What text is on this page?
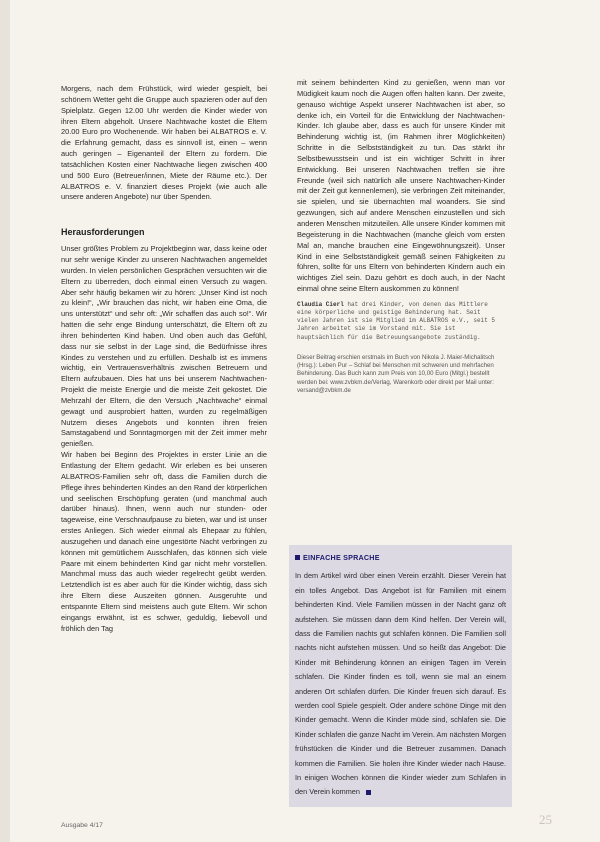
Morgens, nach dem Frühstück, wird wieder gespielt, bei schönem Wetter geht die Gruppe auch spazieren oder auf den Spielplatz. Gegen 12.00 Uhr werden die Kinder wieder von ihren Eltern abgeholt. Unsere Nachtwache kostet die Eltern 20.00 Euro pro Wochenende. Wir haben bei ALBATROS e. V. die Erfahrung gemacht, dass es sinnvoll ist, einen – wenn auch geringen – Eigenanteil der Eltern zu fordern. Die tatsächlichen Kosten einer Nachtwache liegen zwischen 400 und 500 Euro (Betreuer/innen, Miete der Räume etc.). Der ALBATROS e. V. finanziert dieses Projekt (wie auch alle unsere anderen Angebote) nur über Spenden.

Herausforderungen

Unser größtes Problem zu Projektbeginn war, dass keine oder nur sehr wenige Kinder zu unseren Nachtwachen angemeldet wurden. In vielen persönlichen Gesprächen versuchten wir die Eltern zu überreden, doch einmal einen Versuch zu wagen. Aber sehr häufig bekamen wir zu hören: „Unser Kind ist noch zu klein!“, „Wir brauchen das nicht, wir haben eine Oma, die uns unterstützt“ und sehr oft: „Wir schaffen das auch so!“. Wir hatten die sehr enge Bindung unterschätzt, die Eltern oft zu ihren behinderten Kind haben. Und oben auch das Gefühl, dass nur sie selbst in der Lage sind, die Bedürfnisse ihres Kindes zu verstehen und zu erfüllen. Deshalb ist es immens wichtig, ein Vertrauensverhältnis zwischen Betreuern und Eltern aufzubauen. Dies hat uns bei unserem Nachtwachen-Projekt die meiste Energie und die meiste Zeit gekostet. Die Mehrzahl der Eltern, die den Versuch „Nachtwache“ einmal gewagt und ausprobiert hatten, wurden zu regelmäßigen Nutzern dieses Angebots und konnten ihren freien Samstagabend und Sonntagmorgen mit der Zeit immer mehr genießen.

Wir haben bei Beginn des Projektes in erster Linie an die Entlastung der Eltern gedacht. Wir erleben es bei unseren ALBATROS-Familien sehr oft, dass die Familien durch die Pflege ihres behinderten Kindes an den Rand der körperlichen und seelischen Erschöpfung geraten (und manchmal auch darüber hinaus). Ihnen, wenn auch nur stunden- oder tageweise, eine Verschnaufpause zu bieten, war und ist unser erstes Anliegen. Sich wieder einmal als Ehepaar zu fühlen, auszugehen und danach eine ungestörte Nacht verbringen zu können mit gemütlichem Ausschlafen, das können sich viele Paare mit einem behinderten Kind gar nicht mehr vorstellen. Manchmal muss das auch wieder regelrecht geübt werden. Letztendlich ist es aber auch für die Kinder wichtig, dass sich ihre Eltern diese Auszeiten gönnen. Ausgeruhte und entspannte Eltern sind meistens auch gute Eltern. Wir schon eingangs erwähnt, ist es schwer, geduldig, liebevoll und fröhlich den Tag

mit seinem behinderten Kind zu genießen, wenn man vor Müdigkeit kaum noch die Augen offen halten kann. Der zweite, genauso wichtige Aspekt unserer Nachtwachen ist aber, so denke ich, ein Vorteil für die Entwicklung der Nachtwachen-Kinder. Ich glaube aber, dass es auch für unsere Kinder mit Behinderung wichtig ist, (im Rahmen ihrer Möglichkeiten) Schritte in die Selbstständigkeit zu tun. Das stärkt ihr Selbstbewusstsein und ist ein wichtiger Schritt in ihrer Entwicklung. Bei unseren Nachtwachen treffen sie ihre Freunde (weil sich natürlich alle unsere Nachtwachen-Kinder mit der Zeit gut kennenlernen), sie verbringen Zeit miteinander, sie spielen, und sie übernachten mal woanders. Sie sind gezwungen, sich auf andere Menschen einzustellen und sich anderen Menschen mitzuteilen. Alle unsere Kinder kommen mit Begeisterung in die Nachtwachen (manche gleich vom ersten Mal an, manche brauchen eine Eingewöhnungszeit). Unser Kind in eine Selbstständigkeit gemäß seinen Fähigkeiten zu führen, sollte für uns Eltern von behinderten Kindern auch ein wichtiges Ziel sein. Dazu gehört es doch auch, in der Nacht einmal ohne seine Eltern auskommen zu können!

Claudia Cierl hat drei Kinder, von denen das Mittlere eine körperliche und geistige Behinderung hat. Seit vielen Jahren ist sie Mitglied im ALBATROS e.V., seit 5 Jahren arbeitet sie im Vorstand mit. Sie ist hauptsächlich für die Betreuungsangebote zuständig.

Dieser Beitrag erschien erstmals im Buch von Nikola J. Maier-Michalitsch (Hrsg.): Leben Pur – Schlaf bei Menschen mit schweren und mehrfachen Behinderung. Das Buch kann zum Preis von 10,00 Euro (Mitgl.) bestellt werden bei: www.zvbkm.de/Verlag, Warenkorb oder direkt per Mail unter: versand@zvbkm.de

EINFACHE SPRACHE

In dem Artikel wird über einen Verein erzählt. Dieser Verein hat ein tolles Angebot. Das Angebot ist für Familien mit einem behinderten Kind. Viele Familien müssen in der Nacht ganz oft aufstehen. Sie müssen dann dem Kind helfen. Der Verein will, dass die Familien nachts gut schlafen können. Die Familien soll nachts nicht aufstehen müssen. Und so heißt das Angebot: Die Kinder mit Behinderung können an einigen Tagen im Verein schlafen. Die Kinder finden es toll, wenn sie mal an einem anderen Ort schlafen dürfen. Die Kinder freuen sich darauf. Es werden cool Spiele gespielt. Oder andere schöne Dinge mit den Kinder gemacht. Wenn die Kinder müde sind, schlafen sie. Die Kinder schlafen die ganze Nacht im Verein. Am nächsten Morgen frühstücken die Kinder und die Betreuer zusammen. Danach kommen die Familien. Sie holen ihre Kinder wieder nach Hause. In einigen Wochen können die Kinder wieder zum Schlafen in den Verein kommen

Ausgabe 4/17	25
